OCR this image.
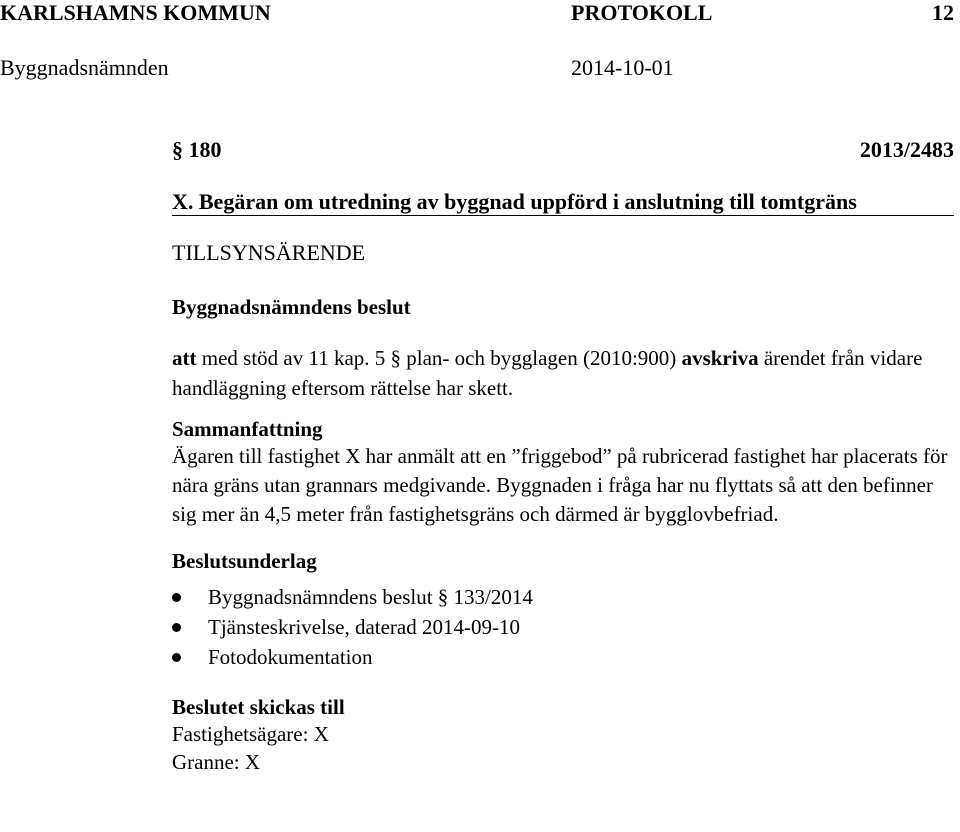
KARLSHAMNS KOMMUN	PROTOKOLL	12
Byggnadsnämnden	2014-10-01
§ 180	2013/2483
X. Begäran om utredning av byggnad uppförd i anslutning till tomtgräns
TILLSYNSÄRENDE
Byggnadsnämndens beslut
att med stöd av 11 kap. 5 § plan- och bygglagen (2010:900) avskriva ärendet från vidare handläggning eftersom rättelse har skett.
Sammanfattning
Ägaren till fastighet X har anmält att en ”friggebod” på rubricerad fastighet har placerats för nära gräns utan grannars medgivande. Byggnaden i fråga har nu flyttats så att den befinner sig mer än 4,5 meter från fastighetsgräns och därmed är bygglovbefriad.
Beslutsunderlag
Byggnadsnämndens beslut § 133/2014
Tjänsteskrivelse, daterad 2014-09-10
Fotodokumentation
Beslutet skickas till
Fastighetsägare: X
Granne: X
